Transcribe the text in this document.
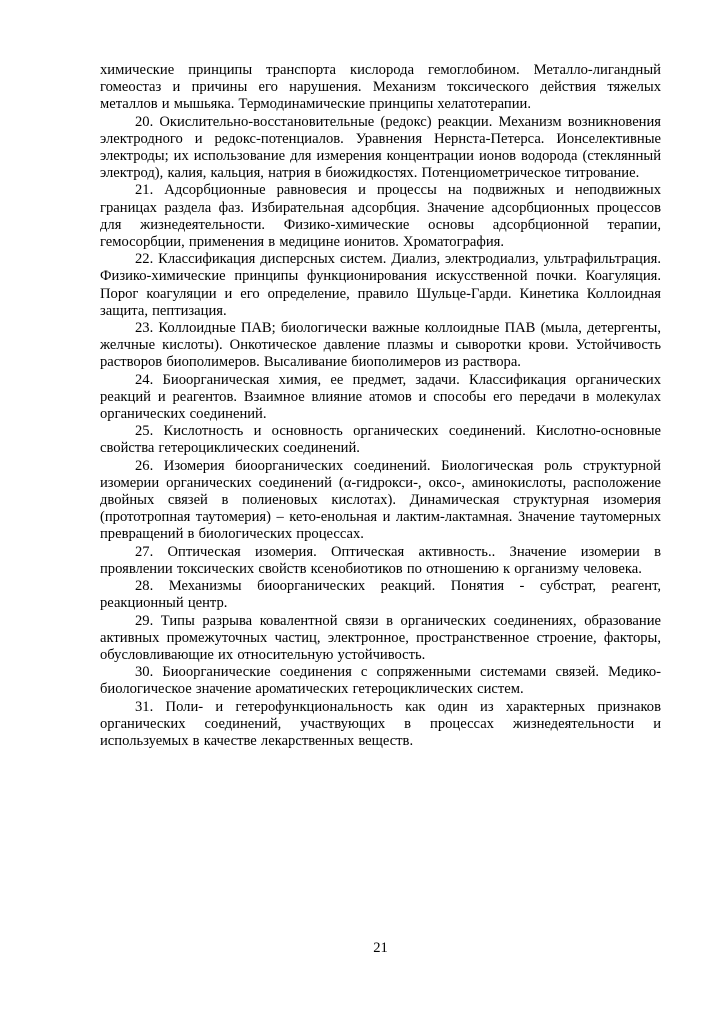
химические принципы транспорта кислорода гемоглобином. Металло-лигандный гомеостаз и причины его нарушения. Механизм токсического действия тяжелых металлов и мышьяка. Термодинамические принципы хелатотерапии.

20. Окислительно-восстановительные (редокс) реакции. Механизм возникновения электродного и редокс-потенциалов. Уравнения Нернста-Петерса. Ионселективные электроды; их использование для измерения концентрации ионов водорода (стеклянный электрод), калия, кальция, натрия в биожидкостях. Потенциометрическое титрование.

21. Адсорбционные равновесия и процессы на подвижных и неподвижных границах раздела фаз. Избирательная адсорбция. Значение адсорбционных процессов для жизнедеятельности. Физико-химические основы адсорбционной терапии, гемосорбции, применения в медицине ионитов. Хроматография.

22. Классификация дисперсных систем. Диализ, электродиализ, ультрафильтрация. Физико-химические принципы функционирования искусственной почки. Коагуляция. Порог коагуляции и его определение, правило Шульце-Гарди. Кинетика Коллоидная защита, пептизация.

23. Коллоидные ПАВ; биологически важные коллоидные ПАВ (мыла, детергенты, желчные кислоты). Онкотическое давление плазмы и сыворотки крови. Устойчивость растворов биополимеров. Высаливание биополимеров из раствора.

24. Биоорганическая химия, ее предмет, задачи. Классификация органических реакций и реагентов. Взаимное влияние атомов и способы его передачи в молекулах органических соединений.

25. Кислотность и основность органических соединений. Кислотно-основные свойства гетероциклических соединений.

26. Изомерия биоорганических соединений. Биологическая роль структурной изомерии органических соединений (α-гидрокси-, оксо-, аминокислоты, расположение двойных связей в полиеновых кислотах). Динамическая структурная изомерия (прототропная таутомерия) – кето-енольная и лактим-лактамная. Значение таутомерных превращений в биологических процессах.

27. Оптическая изомерия. Оптическая активность.. Значение изомерии в проявлении токсических свойств ксенобиотиков по отношению к организму человека.

28. Механизмы биоорганических реакций. Понятия - субстрат, реагент, реакционный центр.

29. Типы разрыва ковалентной связи в органических соединениях, образование активных промежуточных частиц, электронное, пространственное строение, факторы, обусловливающие их относительную устойчивость.

30. Биоорганические соединения с сопряженными системами связей. Медико-биологическое значение ароматических гетероциклических систем.

31. Поли- и гетерофункциональность как один из характерных признаков органических соединений, участвующих в процессах жизнедеятельности и используемых в качестве лекарственных веществ.

21
